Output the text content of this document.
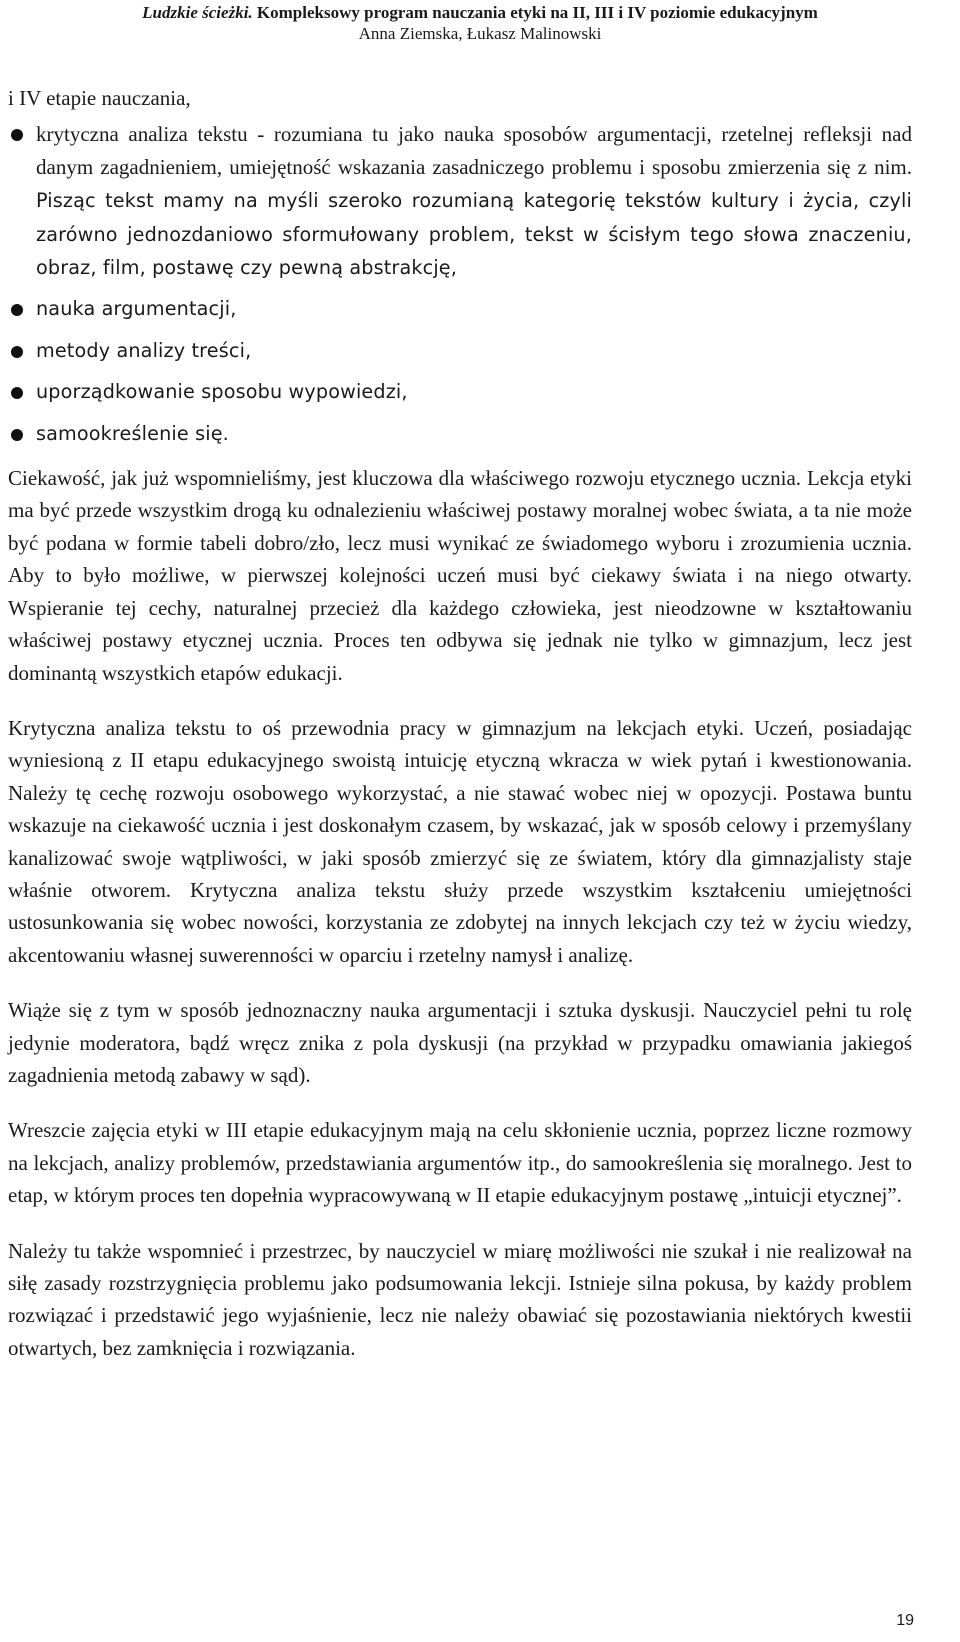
Ludzkie ścieżki. Kompleksowy program nauczania etyki na II, III i IV poziomie edukacyjnym
Anna Ziemska, Łukasz Malinowski

i IV etapie nauczania,

krytyczna analiza tekstu - rozumiana tu jako nauka sposobów argumentacji, rzetelnej refleksji nad danym zagadnieniem, umiejętność wskazania zasadniczego problemu i sposobu zmierzenia się z nim. Pisząc tekst mamy na myśli szeroko rozumianą kategorię tekstów kultury i życia, czyli zarówno jednozdaniowo sformułowany problem, tekst w ścisłym tego słowa znaczeniu, obraz, film, postawę czy pewną abstrakcję,
nauka argumentacji,
metody analizy treści,
uporządkowanie sposobu wypowiedzi,
samookreślenie się.

Ciekawość, jak już wspomnieliśmy, jest kluczowa dla właściwego rozwoju etycznego ucznia. Lekcja etyki ma być przede wszystkim drogą ku odnalezieniu właściwej postawy moralnej wobec świata, a ta nie może być podana w formie tabeli dobro/zło, lecz musi wynikać ze świadomego wyboru i zrozumienia ucznia. Aby to było możliwe, w pierwszej kolejności uczeń musi być ciekawy świata i na niego otwarty. Wspieranie tej cechy, naturalnej przecież dla każdego człowieka, jest nieodzowne w kształtowaniu właściwej postawy etycznej ucznia. Proces ten odbywa się jednak nie tylko w gimnazjum, lecz jest dominantą wszystkich etapów edukacji.

Krytyczna analiza tekstu to oś przewodnia pracy w gimnazjum na lekcjach etyki. Uczeń, posiadając wyniesioną z II etapu edukacyjnego swoistą intuicję etyczną wkracza w wiek pytań i kwestionowania. Należy tę cechę rozwoju osobowego wykorzystać, a nie stawać wobec niej w opozycji. Postawa buntu wskazuje na ciekawość ucznia i jest doskonałym czasem, by wskazać, jak w sposób celowy i przemyślany kanalizować swoje wątpliwości, w jaki sposób zmierzyć się ze światem, który dla gimnazjalisty staje właśnie otworem. Krytyczna analiza tekstu służy przede wszystkim kształceniu umiejętności ustosunkowania się wobec nowości, korzystania ze zdobytej na innych lekcjach czy też w życiu wiedzy, akcentowaniu własnej suwerenności w oparciu i rzetelny namysł i analizę.

Wiąże się z tym w sposób jednoznaczny nauka argumentacji i sztuka dyskusji. Nauczyciel pełni tu rolę jedynie moderatora, bądź wręcz znika z pola dyskusji (na przykład w przypadku omawiania jakiegoś zagadnienia metodą zabawy w sąd).

Wreszcie zajęcia etyki w III etapie edukacyjnym mają na celu skłonienie ucznia, poprzez liczne rozmowy na lekcjach, analizy problemów, przedstawiania argumentów itp., do samookreślenia się moralnego. Jest to etap, w którym proces ten dopełnia wypracowywaną w II etapie edukacyjnym postawę „intuicji etycznej”.

Należy tu także wspomnieć i przestrzec, by nauczyciel w miarę możliwości nie szukał i nie realizował na siłę zasady rozstrzygnięcia problemu jako podsumowania lekcji. Istnieje silna pokusa, by każdy problem rozwiązać i przedstawić jego wyjaśnienie, lecz nie należy obawiać się pozostawiania niektórych kwestii otwartych, bez zamknięcia i rozwiązania.

19
